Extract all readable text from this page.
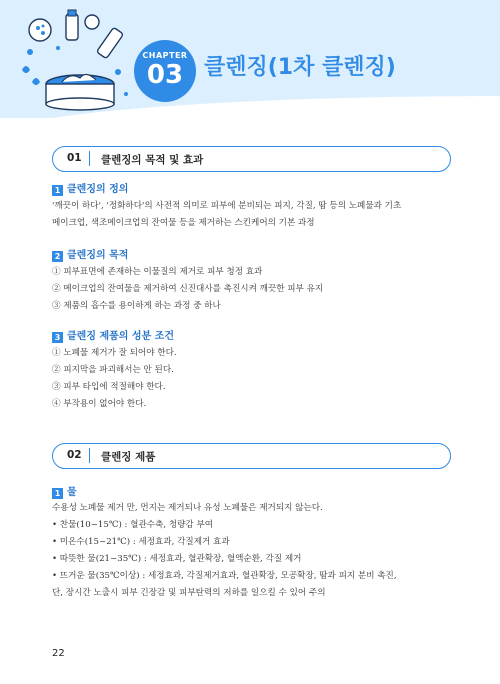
CHAPTER
03 클렌징(1차 클렌징)
01 클렌징의 목적 및 효과
1 클렌징의 정의
'깨끗이 하다', '정화하다'의 사전적 의미로 피부에 분비되는 피지, 각질, 땀 등의 노폐물과 기초
메이크업, 색조메이크업의 잔여물 등을 제거하는 스킨케어의 기본 과정
2 클렌징의 목적
① 피부표면에 존재하는 이물질의 제거로 피부 청정 효과
② 메이크업의 잔여물을 제거하여 신진대사를 촉진시켜 깨끗한 피부 유지
③ 제품의 흡수를 용이하게 하는 과정 중 하나
3 클렌징 제품의 성분 조건
① 노폐물 제거가 잘 되어야 한다.
② 피지막을 파괴해서는 안 된다.
③ 피부 타입에 적절해야 한다.
④ 부작용이 없어야 한다.
02 클렌징 제품
1 물
수용성 노폐물 제거 만, 먼지는 제거되나 유성 노폐물은 제거되지 않는다.
• 찬물(10~15℃) : 혈관수축, 청량감 부여
• 미온수(15~21℃) : 세정효과, 각질제거 효과
• 따뜻한 물(21~35℃) : 세정효과, 혈관확장, 혈액순환, 각질 제거
• 뜨거운 물(35℃이상) : 세정효과, 각질제거효과, 혈관확장, 모공확장, 땀과 피지 분비 촉진,
단, 장시간 노출시 피부 긴장감 및 피부탄력의 저하를 일으킬 수 있어 주의
22
